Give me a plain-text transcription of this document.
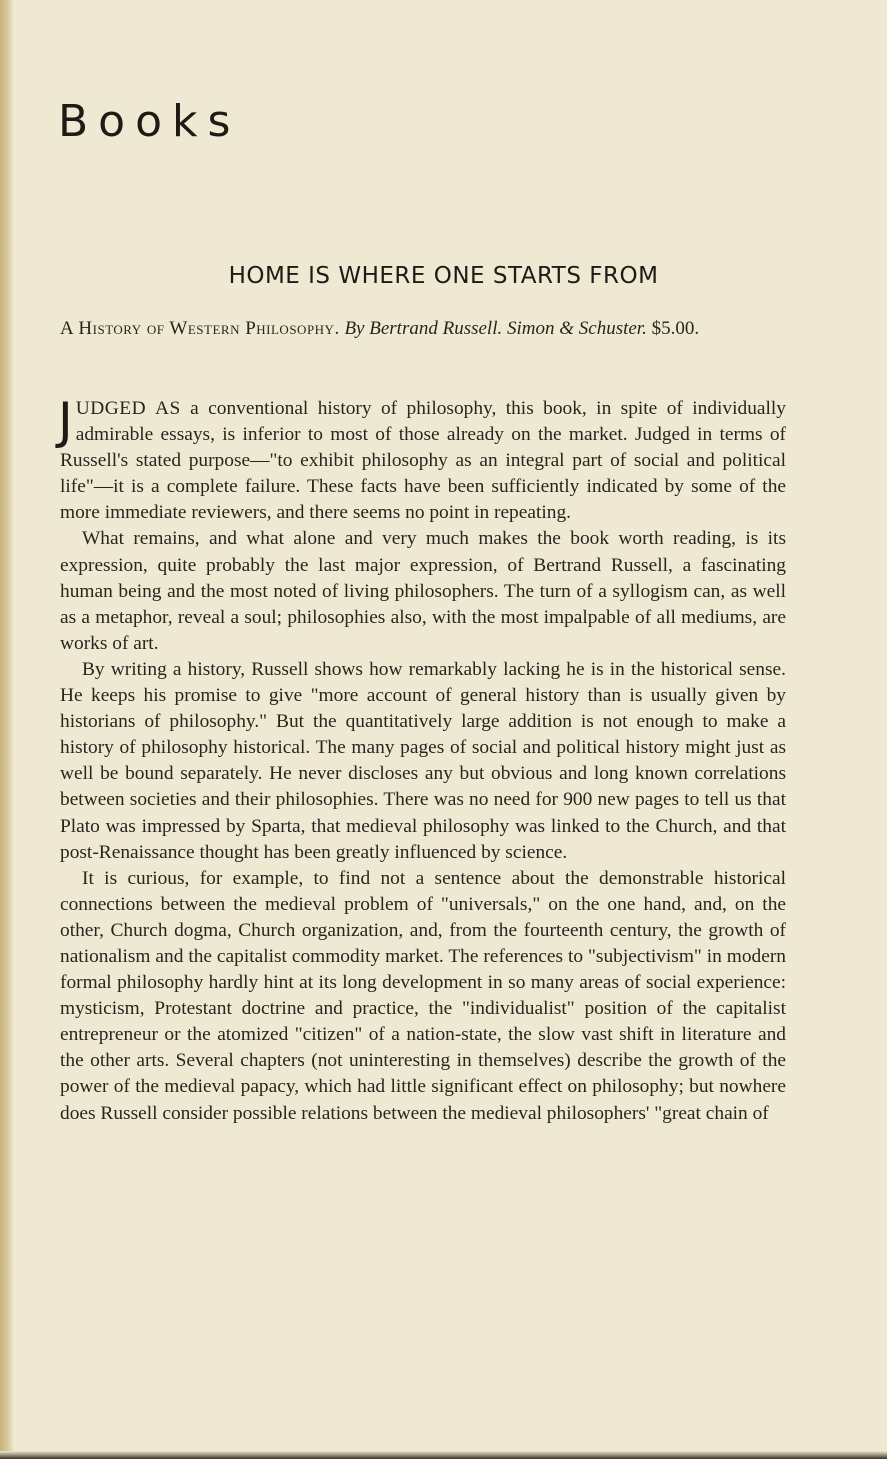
Books
HOME IS WHERE ONE STARTS FROM
A History of Western Philosophy. By Bertrand Russell. Simon & Schuster. $5.00.

JUDGED AS a conventional history of philosophy, this book, in spite of individually admirable essays, is inferior to most of those already on the market. Judged in terms of Russell's stated purpose—"to exhibit philosophy as an integral part of social and political life"—it is a complete failure. These facts have been sufficiently indicated by some of the more immediate reviewers, and there seems no point in repeating.

What remains, and what alone and very much makes the book worth reading, is its expression, quite probably the last major expression, of Bertrand Russell, a fascinating human being and the most noted of living philosophers. The turn of a syllogism can, as well as a metaphor, reveal a soul; philosophies also, with the most impalpable of all mediums, are works of art.

By writing a history, Russell shows how remarkably lacking he is in the historical sense. He keeps his promise to give "more account of general history than is usually given by historians of philosophy." But the quantitatively large addition is not enough to make a history of philosophy historical. The many pages of social and political history might just as well be bound separately. He never discloses any but obvious and long known correlations between societies and their philosophies. There was no need for 900 new pages to tell us that Plato was impressed by Sparta, that medieval philosophy was linked to the Church, and that post-Renaissance thought has been greatly influenced by science.

It is curious, for example, to find not a sentence about the demonstrable historical connections between the medieval problem of "universals," on the one hand, and, on the other, Church dogma, Church organization, and, from the fourteenth century, the growth of nationalism and the capitalist commodity market. The references to "subjectivism" in modern formal philosophy hardly hint at its long development in so many areas of social experience: mysticism, Protestant doctrine and practice, the "individualist" position of the capitalist entrepreneur or the atomized "citizen" of a nation-state, the slow vast shift in literature and the other arts. Several chapters (not uninteresting in themselves) describe the growth of the power of the medieval papacy, which had little significant effect on philosophy; but nowhere does Russell consider possible relations between the medieval philosophers' "great chain of
